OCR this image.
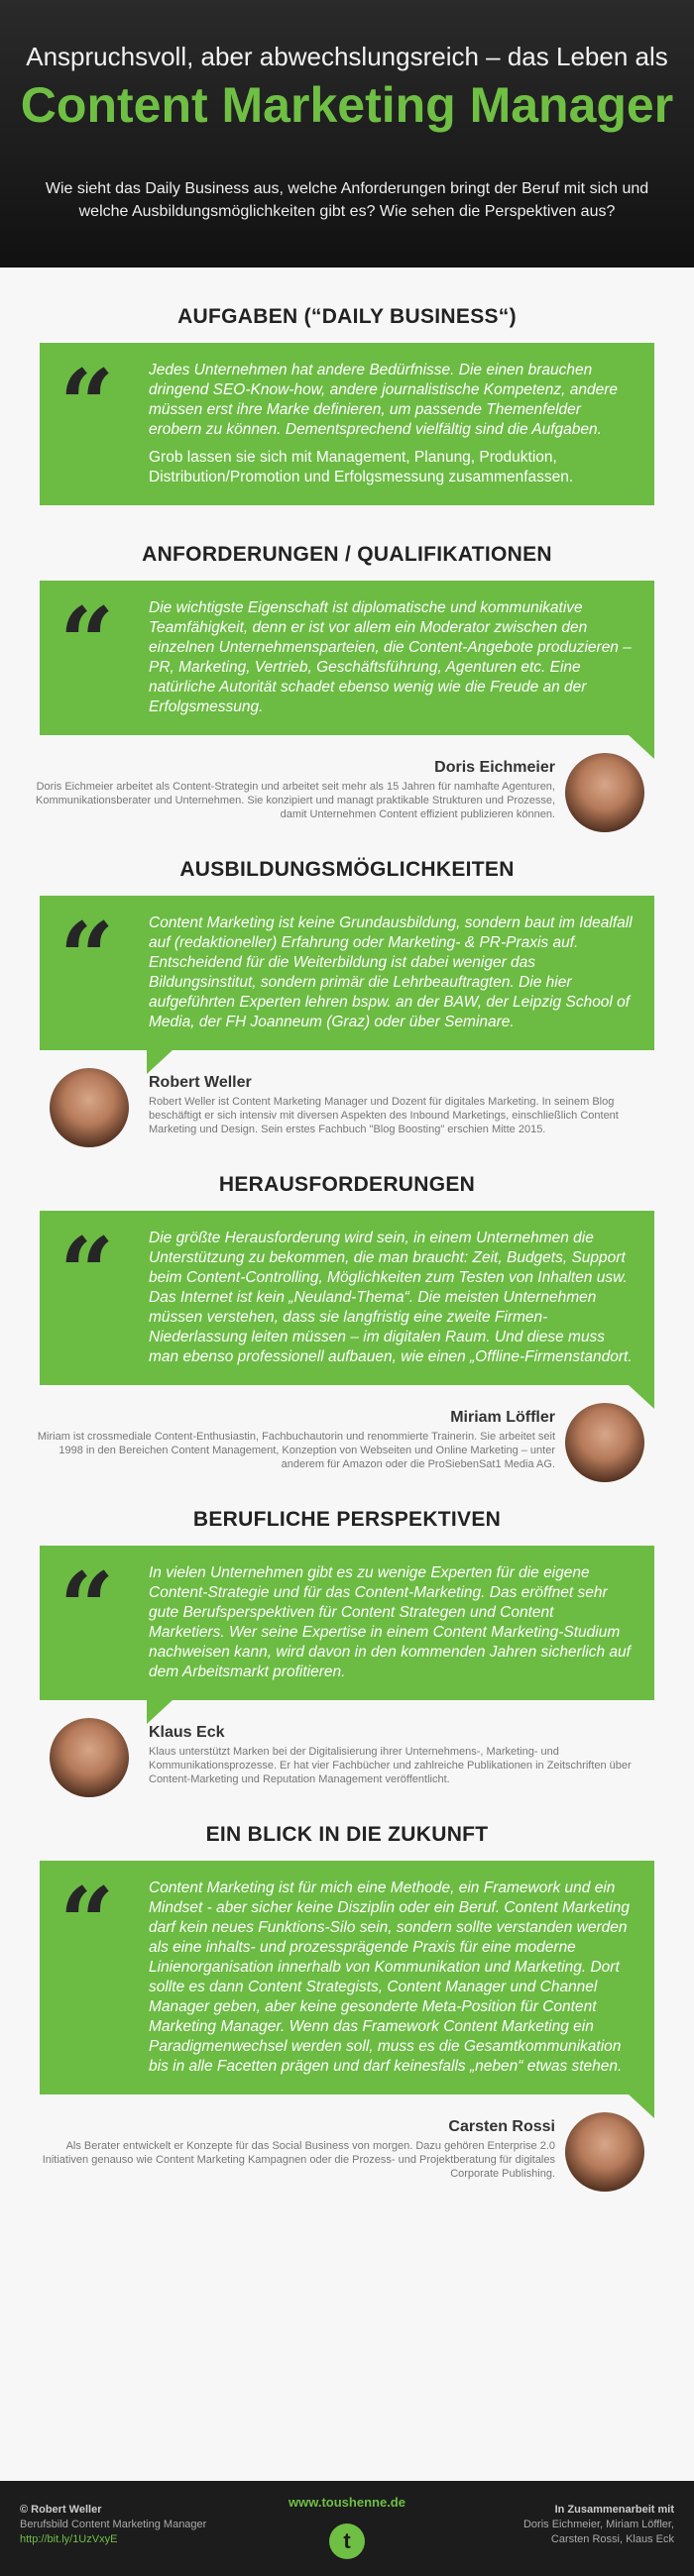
Anspruchsvoll, aber abwechslungsreich – das Leben als
Content Marketing Manager
Wie sieht das Daily Business aus, welche Anforderungen bringt der Beruf mit sich und welche Ausbildungsmöglichkeiten gibt es? Wie sehen die Perspektiven aus?
AUFGABEN (“DAILY BUSINESS“)
“ Jedes Unternehmen hat andere Bedürfnisse. Die einen brauchen dringend SEO-Know-how, andere journalistische Kompetenz, andere müssen erst ihre Marke definieren, um passende Themenfelder erobern zu können. Dementsprechend vielfältig sind die Aufgaben.

Grob lassen sie sich mit Management, Planung, Produktion, Distribution/Promotion und Erfolgsmessung zusammenfassen.

ANFORDERUNGEN / QUALIFIKATIONEN
“ Die wichtigste Eigenschaft ist diplomatische und kommunikative Teamfähigkeit, denn er ist vor allem ein Moderator zwischen den einzelnen Unternehmensparteien, die Content-Angebote produzieren – PR, Marketing, Vertrieb, Geschäftsführung, Agenturen etc. Eine natürliche Autorität schadet ebenso wenig wie die Freude an der Erfolgsmessung.

Doris Eichmeier
Doris Eichmeier arbeitet als Content-Strategin und arbeitet seit mehr als 15 Jahren für namhafte Agenturen, Kommunikationsberater und Unternehmen. Sie konzipiert und managt praktikable Strukturen und Prozesse, damit Unternehmen Content effizient publizieren können.
AUSBILDUNGSMÖGLICHKEITEN
“ Content Marketing ist keine Grundausbildung, sondern baut im Idealfall auf (redaktioneller) Erfahrung oder Marketing- & PR-Praxis auf. Entscheidend für die Weiterbildung ist dabei weniger das Bildungsinstitut, sondern primär die Lehrbeauftragten. Die hier aufgeführten Experten lehren bspw. an der BAW, der Leipzig School of Media, der FH Joanneum (Graz) oder über Seminare.

Robert Weller
Robert Weller ist Content Marketing Manager und Dozent für digitales Marketing. In seinem Blog beschäftigt er sich intensiv mit diversen Aspekten des Inbound Marketings, einschließlich Content Marketing und Design. Sein erstes Fachbuch "Blog Boosting" erschien Mitte 2015.
HERAUSFORDERUNGEN
“ Die größte Herausforderung wird sein, in einem Unternehmen die Unterstützung zu bekommen, die man braucht: Zeit, Budgets, Support beim Content-Controlling, Möglichkeiten zum Testen von Inhalten usw. Das Internet ist kein „Neuland-Thema“. Die meisten Unternehmen müssen verstehen, dass sie langfristig eine zweite Firmen-Niederlassung leiten müssen – im digitalen Raum. Und diese muss man ebenso professionell aufbauen, wie einen „Offline-Firmenstandort.

Miriam Löffler
Miriam ist crossmediale Content-Enthusiastin, Fachbuchautorin und renommierte Trainerin. Sie arbeitet seit 1998 in den Bereichen Content Management, Konzeption von Webseiten und Online Marketing – unter anderem für Amazon oder die ProSiebenSat1 Media AG.
BERUFLICHE PERSPEKTIVEN
“ In vielen Unternehmen gibt es zu wenige Experten für die eigene Content-Strategie und für das Content-Marketing. Das eröffnet sehr gute Berufsperspektiven für Content Strategen und Content Marketiers. Wer seine Expertise in einem Content Marketing-Studium nachweisen kann, wird davon in den kommenden Jahren sicherlich auf dem Arbeitsmarkt profitieren.

Klaus Eck
Klaus unterstützt Marken bei der Digitalisierung ihrer Unternehmens-, Marketing- und Kommunikationsprozesse. Er hat vier Fachbücher und zahlreiche Publikationen in Zeitschriften über Content-Marketing und Reputation Management veröffentlicht.
EIN BLICK IN DIE ZUKUNFT
“ Content Marketing ist für mich eine Methode, ein Framework und ein Mindset - aber sicher keine Disziplin oder ein Beruf. Content Marketing darf kein neues Funktions-Silo sein, sondern sollte verstanden werden als eine inhalts- und prozessprägende Praxis für eine moderne Linienorganisation innerhalb von Kommunikation und Marketing. Dort sollte es dann Content Strategists, Content Manager und Channel Manager geben, aber keine gesonderte Meta-Position für Content Marketing Manager. Wenn das Framework Content Marketing ein Paradigmenwechsel werden soll, muss es die Gesamtkommunikation bis in alle Facetten prägen und darf keinesfalls „neben“ etwas stehen.

Carsten Rossi
Als Berater entwickelt er Konzepte für das Social Business von morgen. Dazu gehören Enterprise 2.0 Initiativen genauso wie Content Marketing Kampagnen oder die Prozess- und Projektberatung für digitales Corporate Publishing.
© Robert Weller
Berufsbild Content Marketing Manager
http://bit.ly/1UzVxyE
www.toushenne.de
t
In Zusammenarbeit mit
Doris Eichmeier, Miriam Löffler,
Carsten Rossi, Klaus Eck
